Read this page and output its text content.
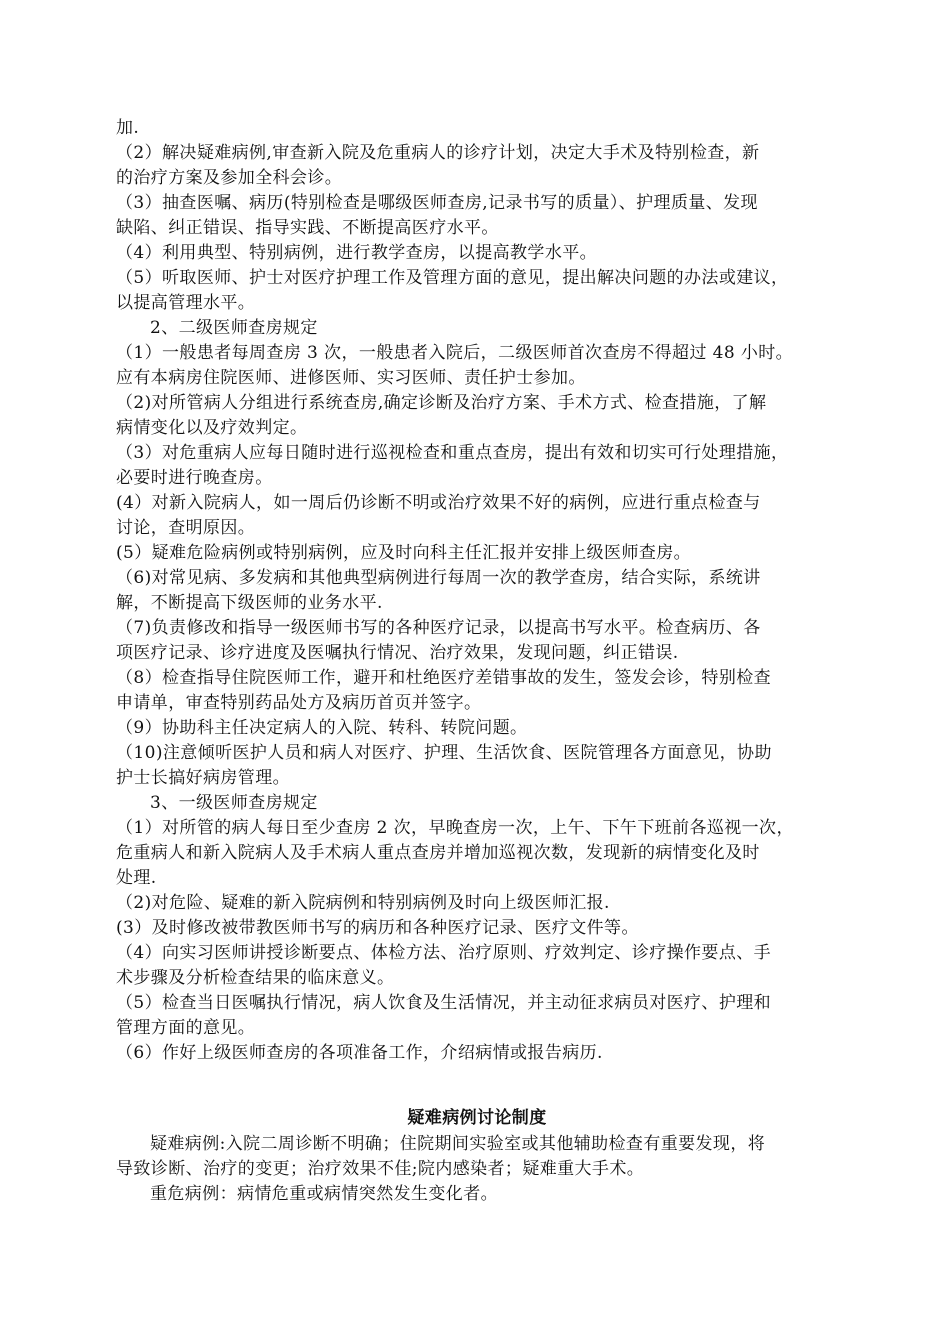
加.
（2）解决疑难病例,审查新入院及危重病人的诊疗计划，决定大手术及特别检查，新
的治疗方案及参加全科会诊。
（3）抽查医嘱、病历(特别检查是哪级医师查房,记录书写的质量）、护理质量、发现
缺陷、纠正错误、指导实践、不断提高医疗水平。
（4）利用典型、特别病例，进行教学查房，以提高教学水平。
（5）听取医师、护士对医疗护理工作及管理方面的意见，提出解决问题的办法或建议，
以提高管理水平。
2、二级医师查房规定
（1）一般患者每周查房 3 次，一般患者入院后，二级医师首次查房不得超过 48 小时。
应有本病房住院医师、进修医师、实习医师、责任护士参加。
（2)对所管病人分组进行系统查房,确定诊断及治疗方案、手术方式、检查措施，了解
病情变化以及疗效判定。
（3）对危重病人应每日随时进行巡视检查和重点查房，提出有效和切实可行处理措施，
必要时进行晚查房。
(4）对新入院病人，如一周后仍诊断不明或治疗效果不好的病例，应进行重点检查与
讨论，查明原因。
(5）疑难危险病例或特别病例，应及时向科主任汇报并安排上级医师查房。
（6)对常见病、多发病和其他典型病例进行每周一次的教学查房，结合实际，系统讲
解，不断提高下级医师的业务水平.
（7)负责修改和指导一级医师书写的各种医疗记录，以提高书写水平。检查病历、各
项医疗记录、诊疗进度及医嘱执行情况、治疗效果，发现问题，纠正错误.
（8）检查指导住院医师工作，避开和杜绝医疗差错事故的发生，签发会诊，特别检查
申请单，审查特别药品处方及病历首页并签字。
（9）协助科主任决定病人的入院、转科、转院问题。
（10)注意倾听医护人员和病人对医疗、护理、生活饮食、医院管理各方面意见，协助
护士长搞好病房管理。
3、一级医师查房规定
（1）对所管的病人每日至少查房 2 次，早晚查房一次，上午、下午下班前各巡视一次，
危重病人和新入院病人及手术病人重点查房并增加巡视次数，发现新的病情变化及时
处理.
（2)对危险、疑难的新入院病例和特别病例及时向上级医师汇报.
(3）及时修改被带教医师书写的病历和各种医疗记录、医疗文件等。
（4）向实习医师讲授诊断要点、体检方法、治疗原则、疗效判定、诊疗操作要点、手
术步骤及分析检查结果的临床意义。
（5）检查当日医嘱执行情况，病人饮食及生活情况，并主动征求病员对医疗、护理和
管理方面的意见。
（6）作好上级医师查房的各项准备工作，介绍病情或报告病历.
疑难病例讨论制度
疑难病例:入院二周诊断不明确；住院期间实验室或其他辅助检查有重要发现，将
导致诊断、治疗的变更；治疗效果不佳;院内感染者；疑难重大手术。
重危病例：病情危重或病情突然发生变化者。
